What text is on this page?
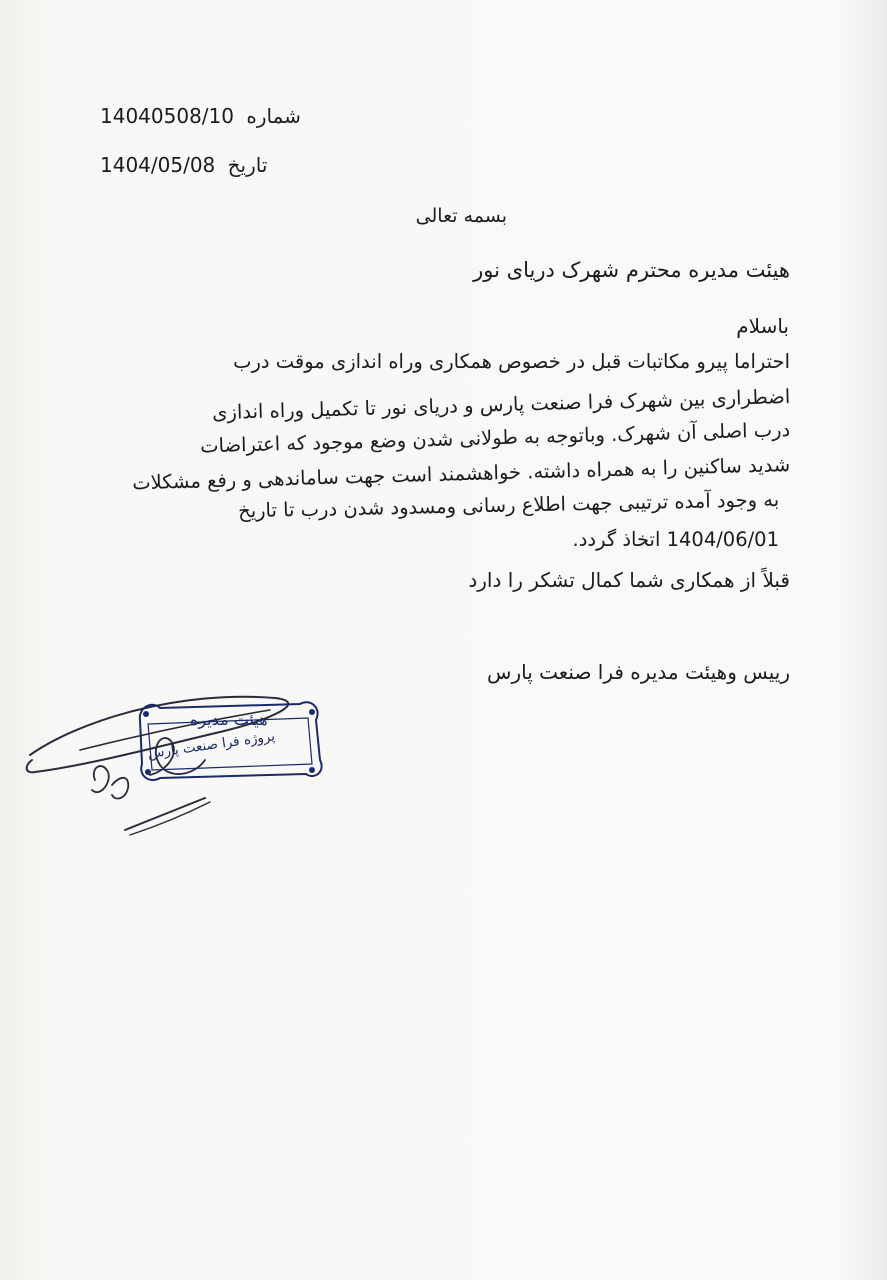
شماره 14040508/10
تاریخ 1404/05/08
بسمه تعالی
هیئت مدیره محترم شهرک دریای نور
باسلام
احتراما پیرو مکاتبات قبل در خصوص همکاری وراه اندازی موقت درب
اضطراری بین شهرک فرا صنعت پارس و دریای نور تا تکمیل وراه اندازی
درب اصلی آن شهرک. وباتوجه به طولانی شدن وضع موجود که اعتراضات
شدید ساکنین را به همراه داشته. خواهشمند است جهت ساماندهی و رفع مشکلات
به وجود آمده ترتیبی جهت اطلاع رسانی ومسدود شدن درب تا تاریخ
1404/06/01 اتخاذ گردد.
قبلاً از همکاری شما کمال تشکر را دارد
رییس وهیئت مدیره فرا صنعت پارس
هیئت مدیره
پروژه فرا صنعت پارس
